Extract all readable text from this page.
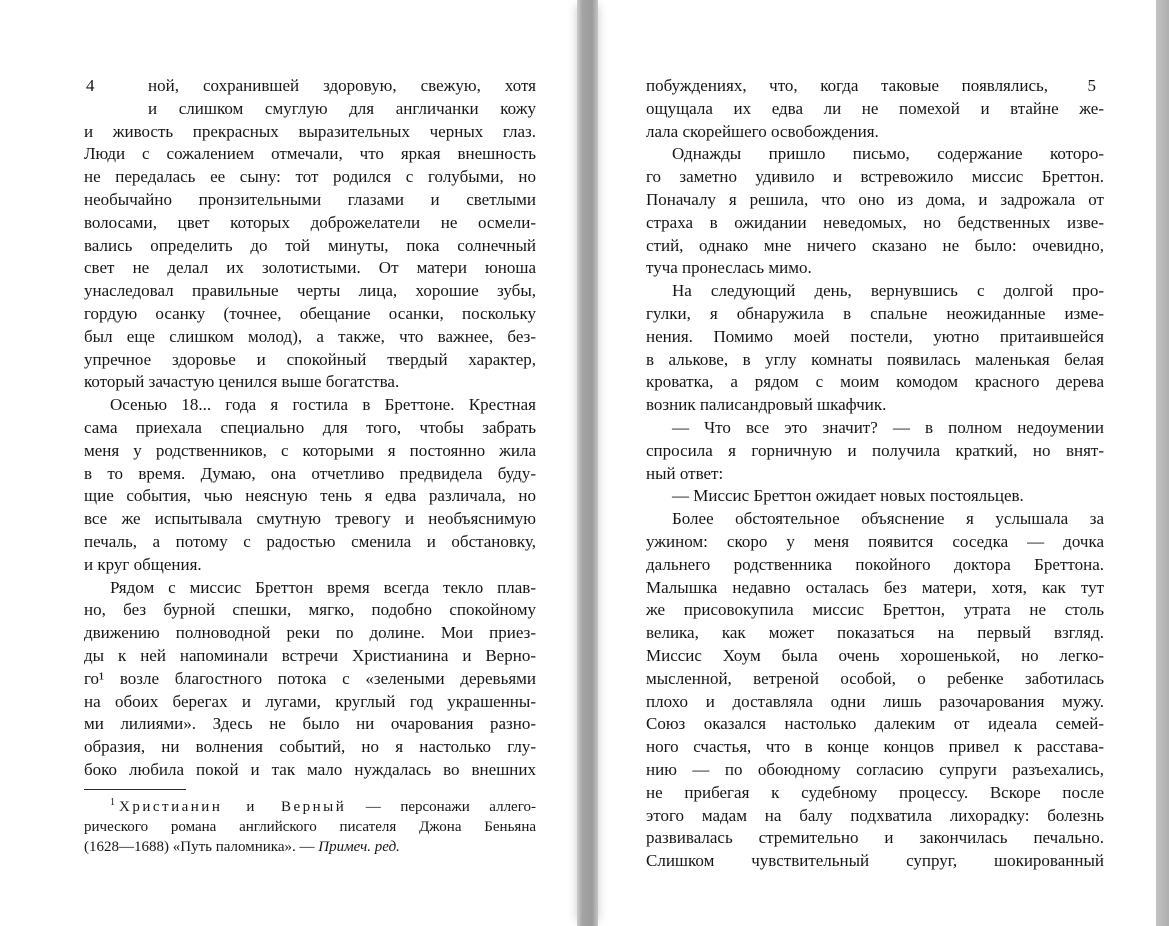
4	ной, сохранившей здоровую, свежую, хотя
и слишком смуглую для англичанки кожу
и живость прекрасных выразительных черных глаз.
Люди с сожалением отмечали, что яркая внешность
не передалась ее сыну: тот родился с голубыми, но
необычайно пронзительными глазами и светлыми
волосами, цвет которых доброжелатели не осмели-
вались определить до той минуты, пока солнечный
свет не делал их золотистыми. От матери юноша
унаследовал правильные черты лица, хорошие зубы,
гордую осанку (точнее, обещание осанки, поскольку
был еще слишком молод), а также, что важнее, без-
упречное здоровье и спокойный твердый характер,
который зачастую ценился выше богатства.
Осенью 18... года я гостила в Бреттоне. Крестная
сама приехала специально для того, чтобы забрать
меня у родственников, с которыми я постоянно жила
в то время. Думаю, она отчетливо предвидела буду-
щие события, чью неясную тень я едва различала, но
все же испытывала смутную тревогу и необъяснимую
печаль, а потому с радостью сменила и обстановку,
и круг общения.
Рядом с миссис Бреттон время всегда текло плав-
но, без бурной спешки, мягко, подобно спокойному
движению полноводной реки по долине. Мои приез-
ды к ней напоминали встречи Христианина и Верно-
го¹ возле благостного потока с «зелеными деревьями
на обоих берегах и лугами, круглый год украшенны-
ми лилиями». Здесь не было ни очарования разно-
образия, ни волнения событий, но я настолько глу-
боко любила покой и так мало нуждалась во внешних
$^1$ Христианин и Верный — персонажи аллего-
рического романа английского писателя Джона Беньяна
(1628—1688) «Путь паломника». — Примеч. ред.
5
побуждениях, что, когда таковые появлялись,
ощущала их едва ли не помехой и втайне же-
лала скорейшего освобождения.
Однажды пришло письмо, содержание которо-
го заметно удивило и встревожило миссис Бреттон.
Поначалу я решила, что оно из дома, и задрожала от
страха в ожидании неведомых, но бедственных изве-
стий, однако мне ничего сказано не было: очевидно,
туча пронеслась мимо.
На следующий день, вернувшись с долгой про-
гулки, я обнаружила в спальне неожиданные изме-
нения. Помимо моей постели, уютно притаившейся
в алькове, в углу комнаты появилась маленькая белая
кроватка, а рядом с моим комодом красного дерева
возник палисандровый шкафчик.
— Что все это значит? — в полном недоумении
спросила я горничную и получила краткий, но внят-
ный ответ:
— Миссис Бреттон ожидает новых постояльцев.
Более обстоятельное объяснение я услышала за
ужином: скоро у меня появится соседка — дочка
дальнего родственника покойного доктора Бреттона.
Малышка недавно осталась без матери, хотя, как тут
же присовокупила миссис Бреттон, утрата не столь
велика, как может показаться на первый взгляд.
Миссис Хоум была очень хорошенькой, но легко-
мысленной, ветреной особой, о ребенке заботилась
плохо и доставляла одни лишь разочарования мужу.
Союз оказался настолько далеким от идеала семей-
ного счастья, что в конце концов привел к расстава-
нию — по обоюдному согласию супруги разъехались,
не прибегая к судебному процессу. Вскоре после
этого мадам на балу подхватила лихорадку: болезнь
развивалась стремительно и закончилась печально.
Слишком чувствительный супруг, шокированный
